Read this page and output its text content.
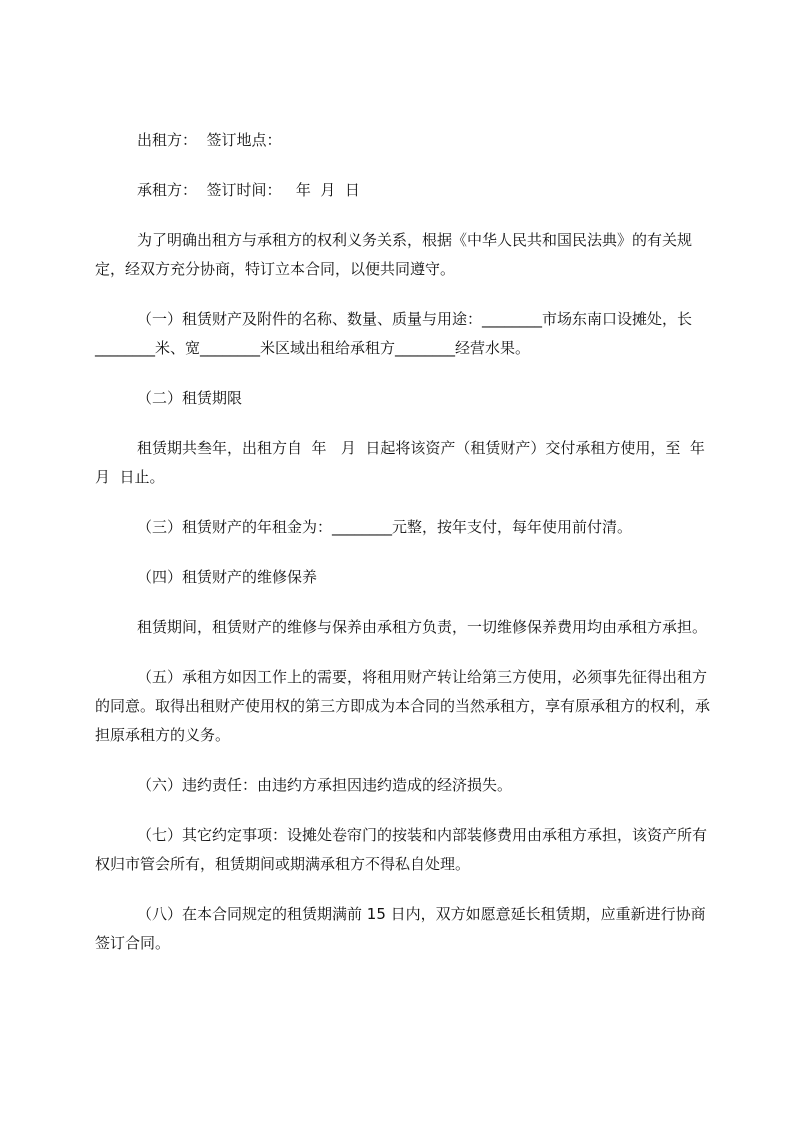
出租方：  签订地点：

承租方：  签订时间：   年  月  日

为了明确出租方与承租方的权利义务关系，根据《中华人民共和国民法典》的有关规定，经双方充分协商，特订立本合同，以便共同遵守。

（一）租赁财产及附件的名称、数量、质量与用途：________市场东南口设摊处，长________米、宽________米区域出租给承租方________经营水果。

（二）租赁期限

租赁期共叁年，出租方自  年   月  日起将该资产（租赁财产）交付承租方使用，至  年  月  日止。

（三）租赁财产的年租金为：________元整，按年支付，每年使用前付清。

（四）租赁财产的维修保养

租赁期间，租赁财产的维修与保养由承租方负责，一切维修保养费用均由承租方承担。

（五）承租方如因工作上的需要，将租用财产转让给第三方使用，必须事先征得出租方的同意。取得出租财产使用权的第三方即成为本合同的当然承租方，享有原承租方的权利，承担原承租方的义务。

（六）违约责任：由违约方承担因违约造成的经济损失。

（七）其它约定事项：设摊处卷帘门的按装和内部装修费用由承租方承担，该资产所有权归市管会所有，租赁期间或期满承租方不得私自处理。

（八）在本合同规定的租赁期满前 15 日内，双方如愿意延长租赁期，应重新进行协商签订合同。
